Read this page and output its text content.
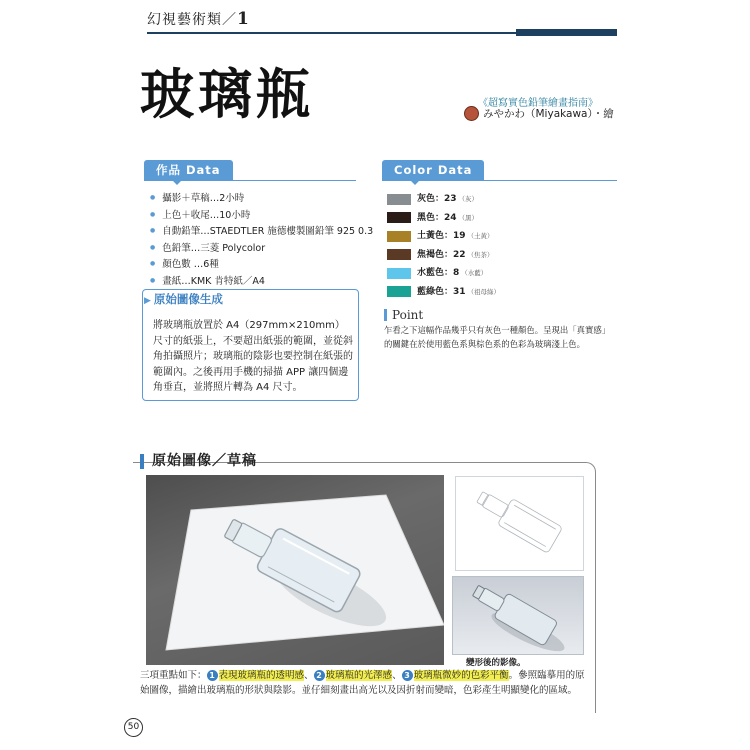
幻視藝術類／1
玻璃瓶	《超寫實色鉛筆繪畫指南》
みやかわ（Miyakawa）・繪
作品 Data
● 攝影＋草稿…2小時
● 上色＋收尾…10小時
● 自動鉛筆…STAEDTLER 施德樓製圖鉛筆 925 0.3
● 色鉛筆…三菱 Polycolor
● 顏色數 …6種
● 畫紙…KMK 肯特紙／A4
Color Data
灰色：23 （灰）
黑色：24 （黑）
土黃色：19 （土黃）
焦褐色：22 （焦茶）
水藍色：8 （水藍）
藍綠色：31 （祖母綠）
▶ 原始圖像生成
將玻璃瓶放置於 A4（297mm×210mm）尺寸的紙張上，不要超出紙張的範圍，並從斜角拍攝照片；玻璃瓶的陰影也要控制在紙張的範圍內。之後再用手機的掃描 APP 讓四個邊角垂直，並將照片轉為 A4 尺寸。
Point
乍看之下這幅作品幾乎只有灰色一種顏色。呈現出「真實感」的關鍵在於使用藍色系與棕色系的色彩為玻璃淺上色。
原始圖像／草稿
變形後的影像。
三項重點如下： 1 表現玻璃瓶的透明感、 2 玻璃瓶的光澤感、 3 玻璃瓶微妙的色彩平衡。參照臨摹用的原始圖像，描繪出玻璃瓶的形狀與陰影。並仔細刻畫出高光以及因折射而變暗，色彩產生明顯變化的區域。
50
